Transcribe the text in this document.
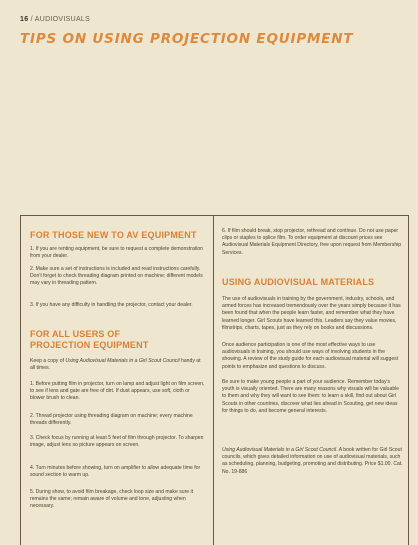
16 / AUDIOVISUALS
TIPS ON USING PROJECTION EQUIPMENT
FOR THOSE NEW TO AV EQUIPMENT

1. If you are renting equipment, be sure to request a complete demonstration from your dealer.

2. Make sure a set of instructions is included and read instructions carefully. Don't forget to check threading diagram printed on machine; different models may vary in threading pattern.

3. If you have any difficulty in handling the projector, contact your dealer.

FOR ALL USERS OF
PROJECTION EQUIPMENT

Keep a copy of Using Audiovisual Materials in a Girl Scout Council handy at all times.

1. Before putting film in projector, turn on lamp and adjust light on film screen, to see if lens and gate are free of dirt. If dust appears, use soft, cloth or blower brush to clean.

2. Thread projector using threading diagram on machine; every machine threads differently.

3. Check focus by running at least 5 feet of film through projector. To sharpen image, adjust lens so picture appears on screen.

4. Turn minutes before showing, turn on amplifier to allow adequate time for sound section to warm up.

5. During show, to avoid film breakage, check loop size and make sure it remains the same; remain aware of volume and tone, adjusting when necessary.

6. If film should break, stop projector, rethread and continue. Do not use paper clips or staples to splice film. To order equipment at discount prices see Audiovisual Materials Equipment Directory, free upon request from Membership Services.

USING AUDIOVISUAL MATERIALS

The use of audiovisuals in training by the government, industry, schools, and armed forces has increased tremendously over the years simply because it has been found that when the people learn faster, and remember what they have learned longer. Girl Scouts have learned this. Leaders say they value movies, filmstrips, charts, tapes, just as they rely on books and discussions.

Once audience participation is one of the most effective ways to use audiovisuals in training, you should use ways of involving students in the showing. A review of the study guide for each audiovisual material will suggest points to emphasize and questions to discuss.

Be sure to make young people a part of your audience. Remember today's youth is visually oriented. There are many reasons why visuals will be valuable to them and why they will want to see them: to learn a skill, find out about Girl Scouts in other countries, discover what lies ahead in Scouting, get new ideas for things to do, and become general interests.

Using Audiovisual Materials in a Girl Scout Council. A book written for Girl Scout councils, which gives detailed information on use of audiovisual materials, such as scheduling, planning, budgeting, promoting and distributing. Price $1.00. Cat. No. 19-886
